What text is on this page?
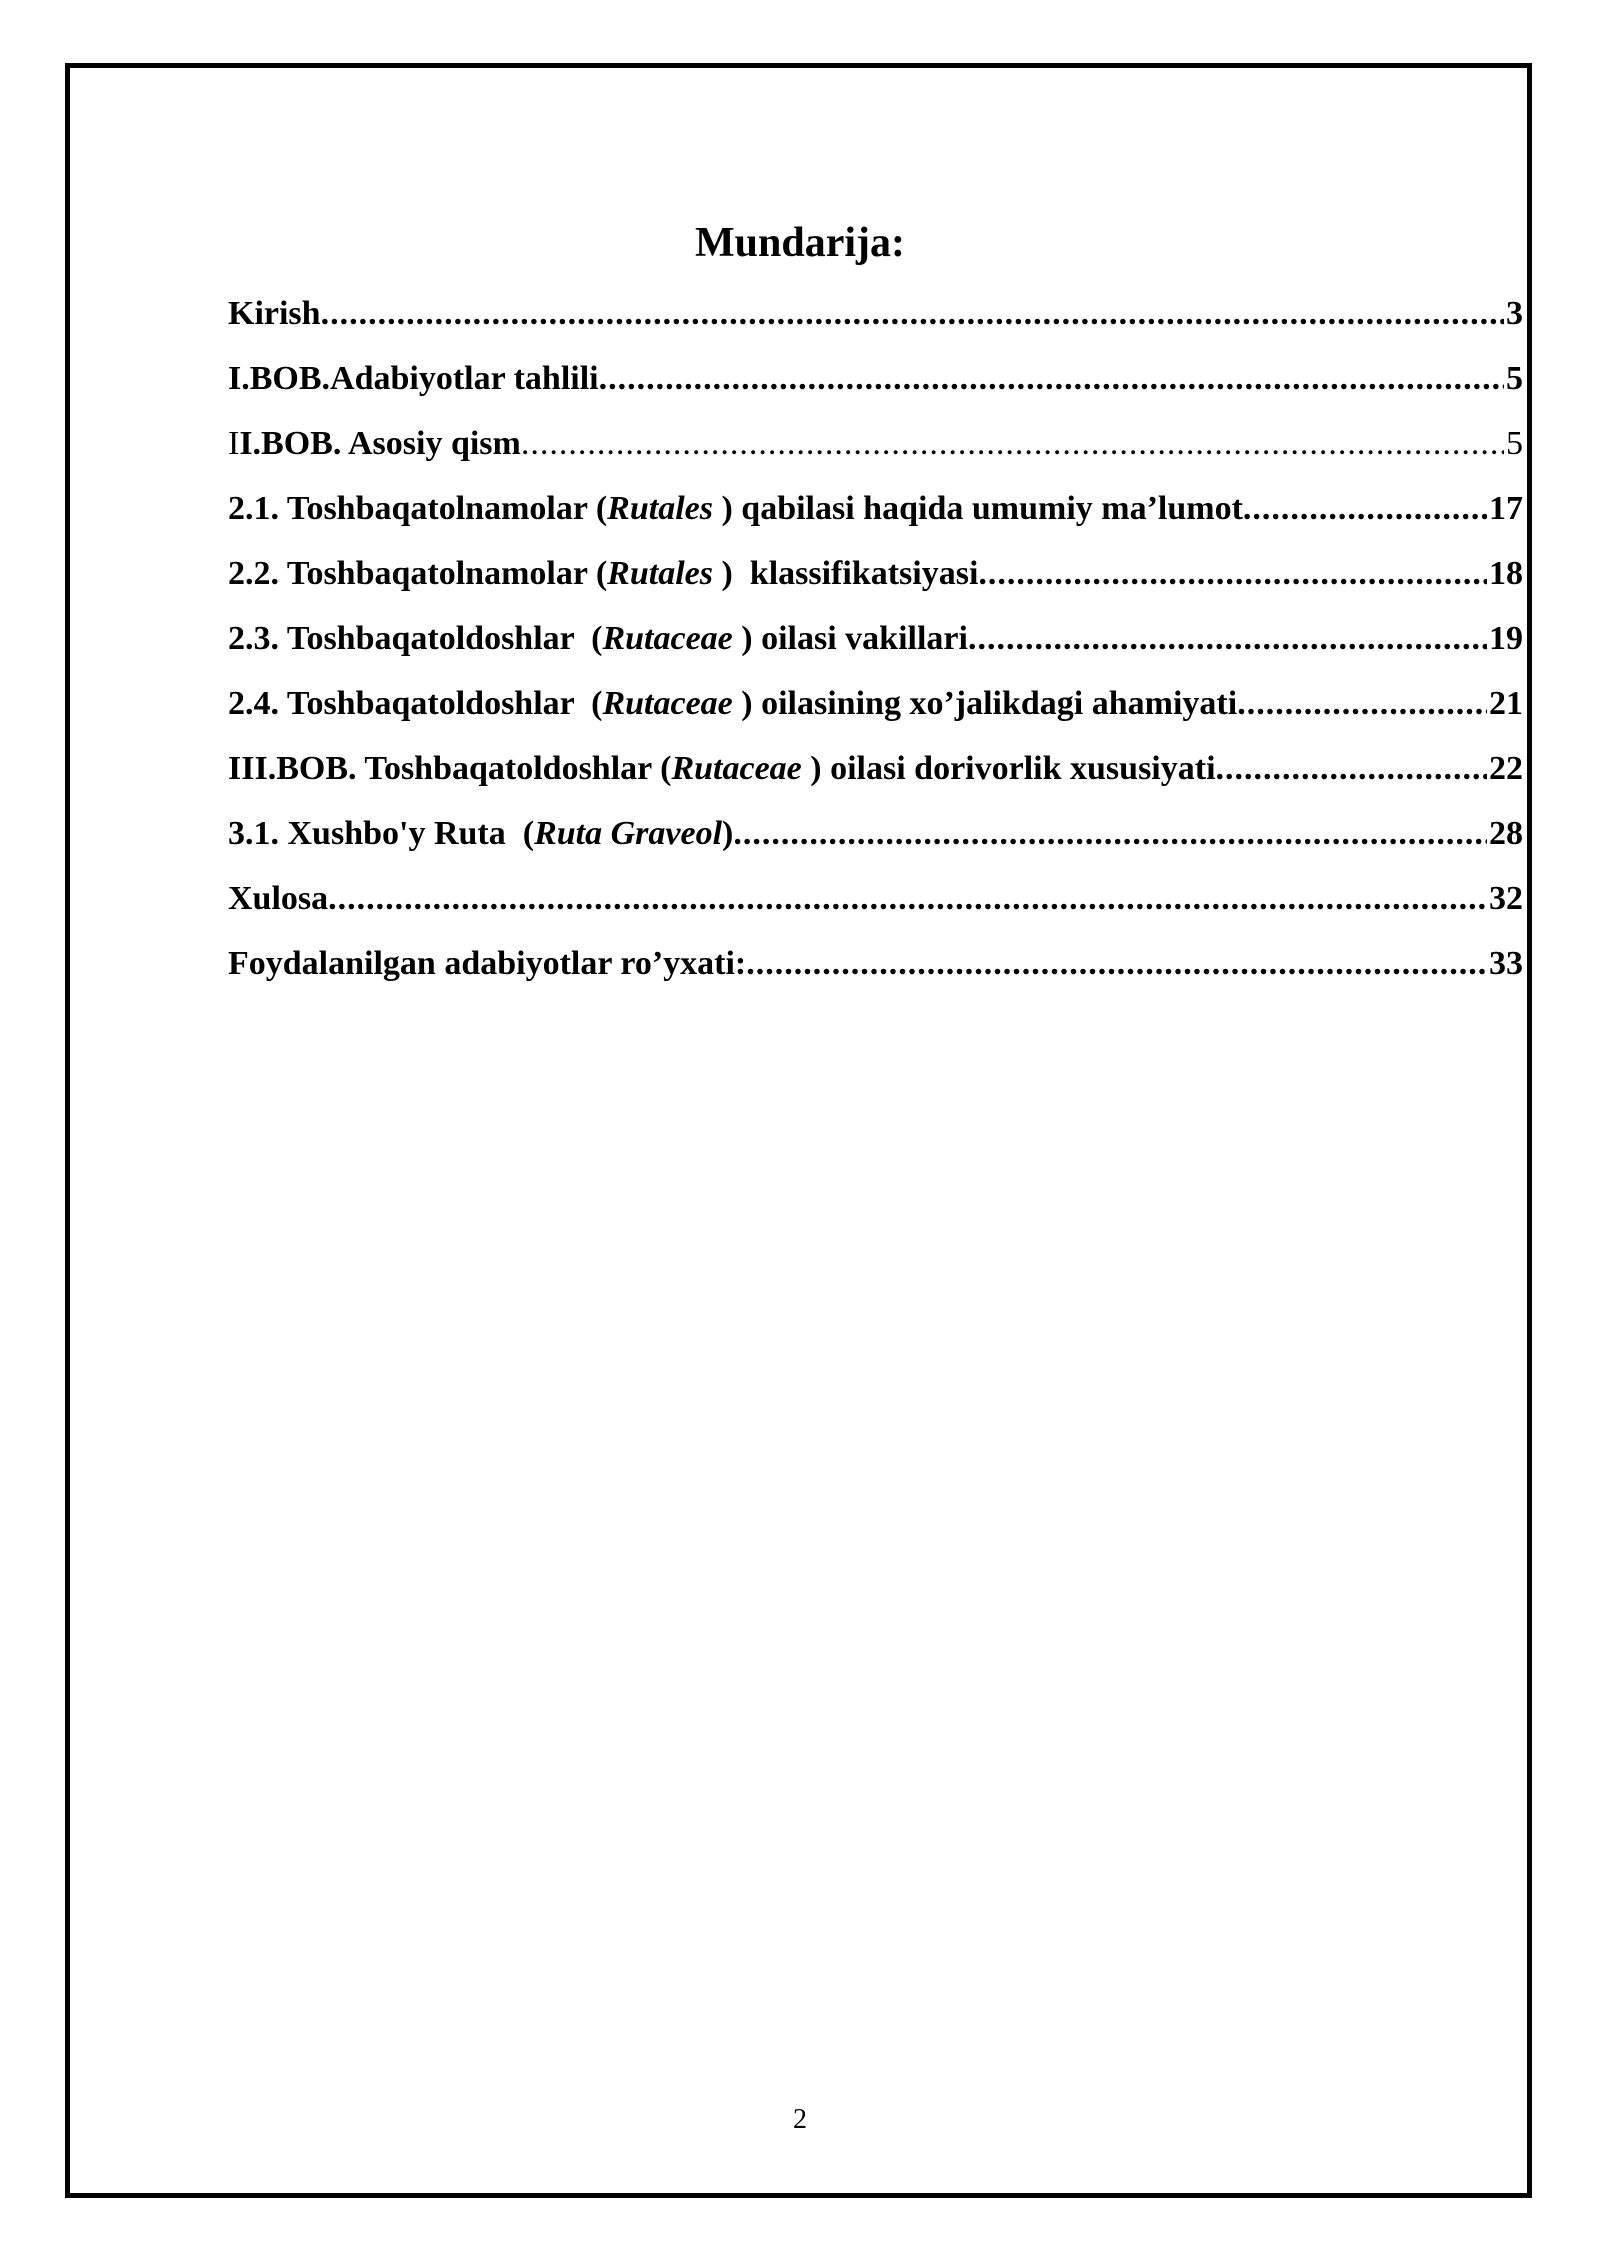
Mundarija:
Kirish .....	3
I.BOB.Adabiyotlar tahlili .....	5
II.BOB. Asosiy qism .....	5
2.1. Toshbaqatolnamolar (Rutales ) qabilasi haqida umumiy ma’lumot .....	17
2.2. Toshbaqatolnamolar (Rutales )  klassifikatsiyasi .....	18
2.3. Toshbaqatoldoshlar  (Rutaceae ) oilasi vakillari .....	19
2.4. Toshbaqatoldoshlar  (Rutaceae ) oilasining xo’jalikdagi ahamiyati .....	21
III.BOB. Toshbaqatoldoshlar (Rutaceae ) oilasi dorivorlik xususiyati .....	22
3.1. Xushbo'y Ruta  (Ruta Graveol) .....	28
Xulosa .....	32
Foydalanilgan adabiyotlar ro’yxati: .....	33
2
